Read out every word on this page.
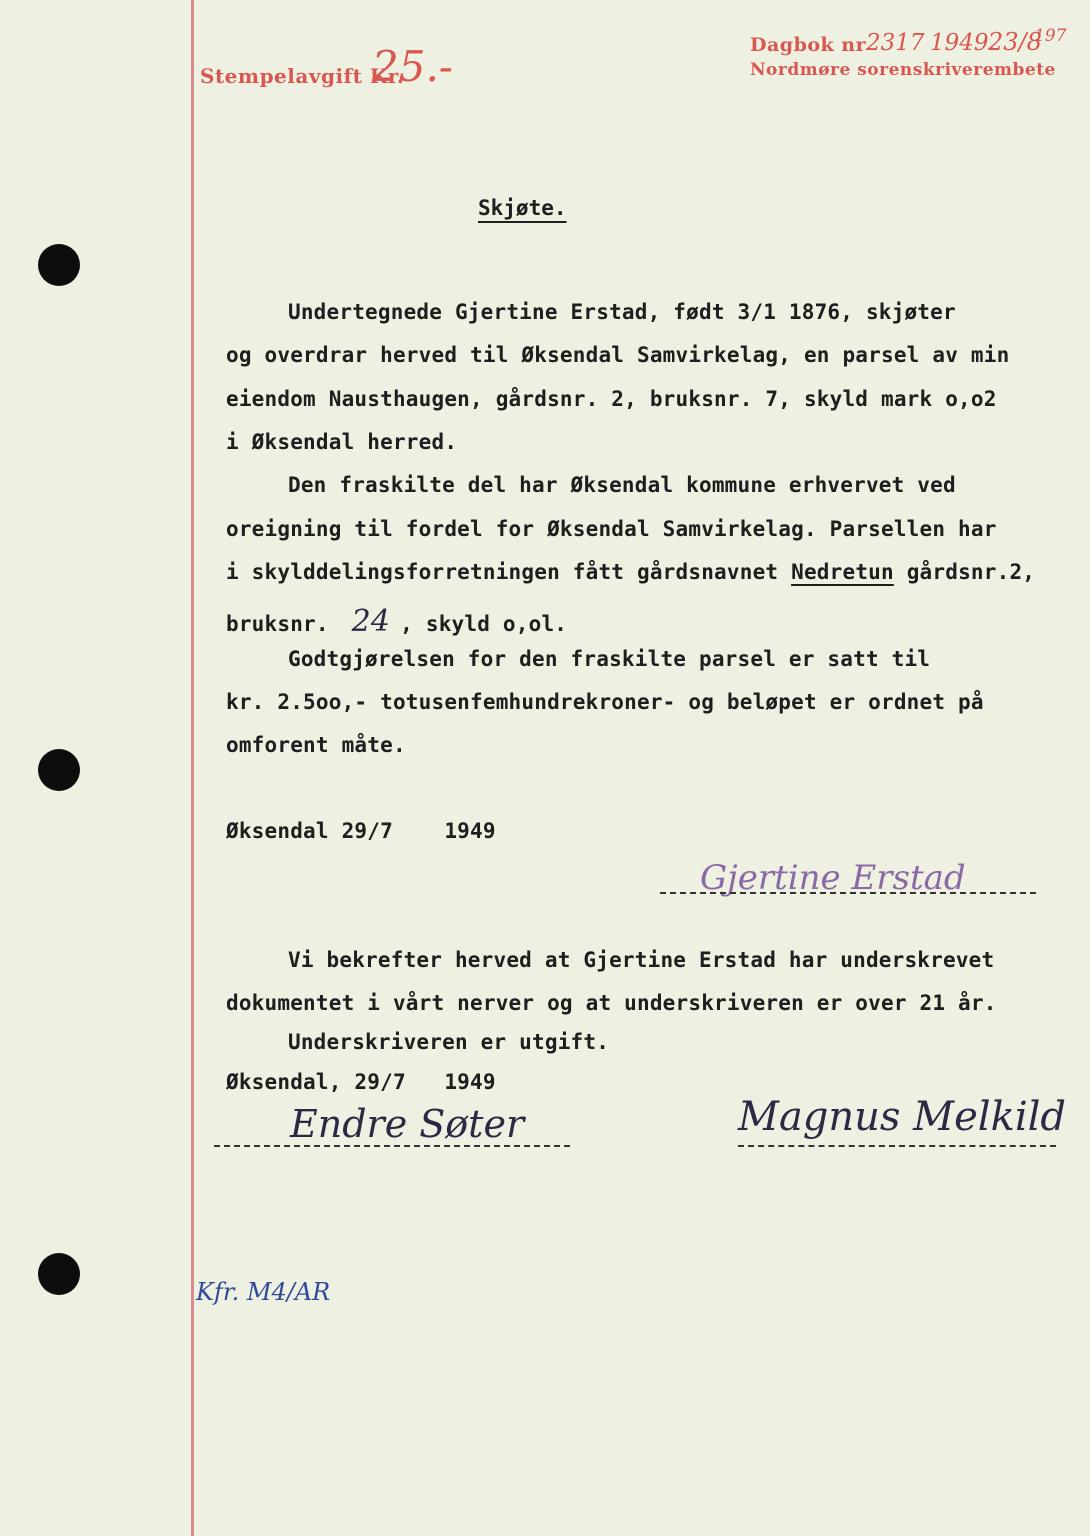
Stempelavgift Kr.
25.-	Dagbok nr 2317 1949.
23/8
197
Nordmøre sorenskriverembete
Skjøte.
Undertegnede Gjertine Erstad, født 3/1 1876, skjøter
og overdrar herved til Øksendal Samvirkelag, en parsel av min
eiendom Nausthaugen, gårdsnr. 2, bruksnr. 7, skyld mark o,o2
i Øksendal herred.
Den fraskilte del har Øksendal kommune erhvervet ved
oreigning til fordel for Øksendal Samvirkelag. Parsellen har
i skylddelingsforretningen fått gårdsnavnet Nedretun gårdsnr.2,
bruksnr. 24 , skyld o,ol.
Godtgjørelsen for den fraskilte parsel er satt til
kr. 2.5oo,- totusenfemhundrekroner- og beløpet er ordnet på
omforent måte.
Øksendal 29/7    1949
Gjertine Erstad
Vi bekrefter herved at Gjertine Erstad har underskrevet
dokumentet i vårt nerver og at underskriveren er over 21 år.
Underskriveren er utgift.
Øksendal, 29/7   1949
Endre Søter	Magnus Melkild
Kfr. M4/AR
